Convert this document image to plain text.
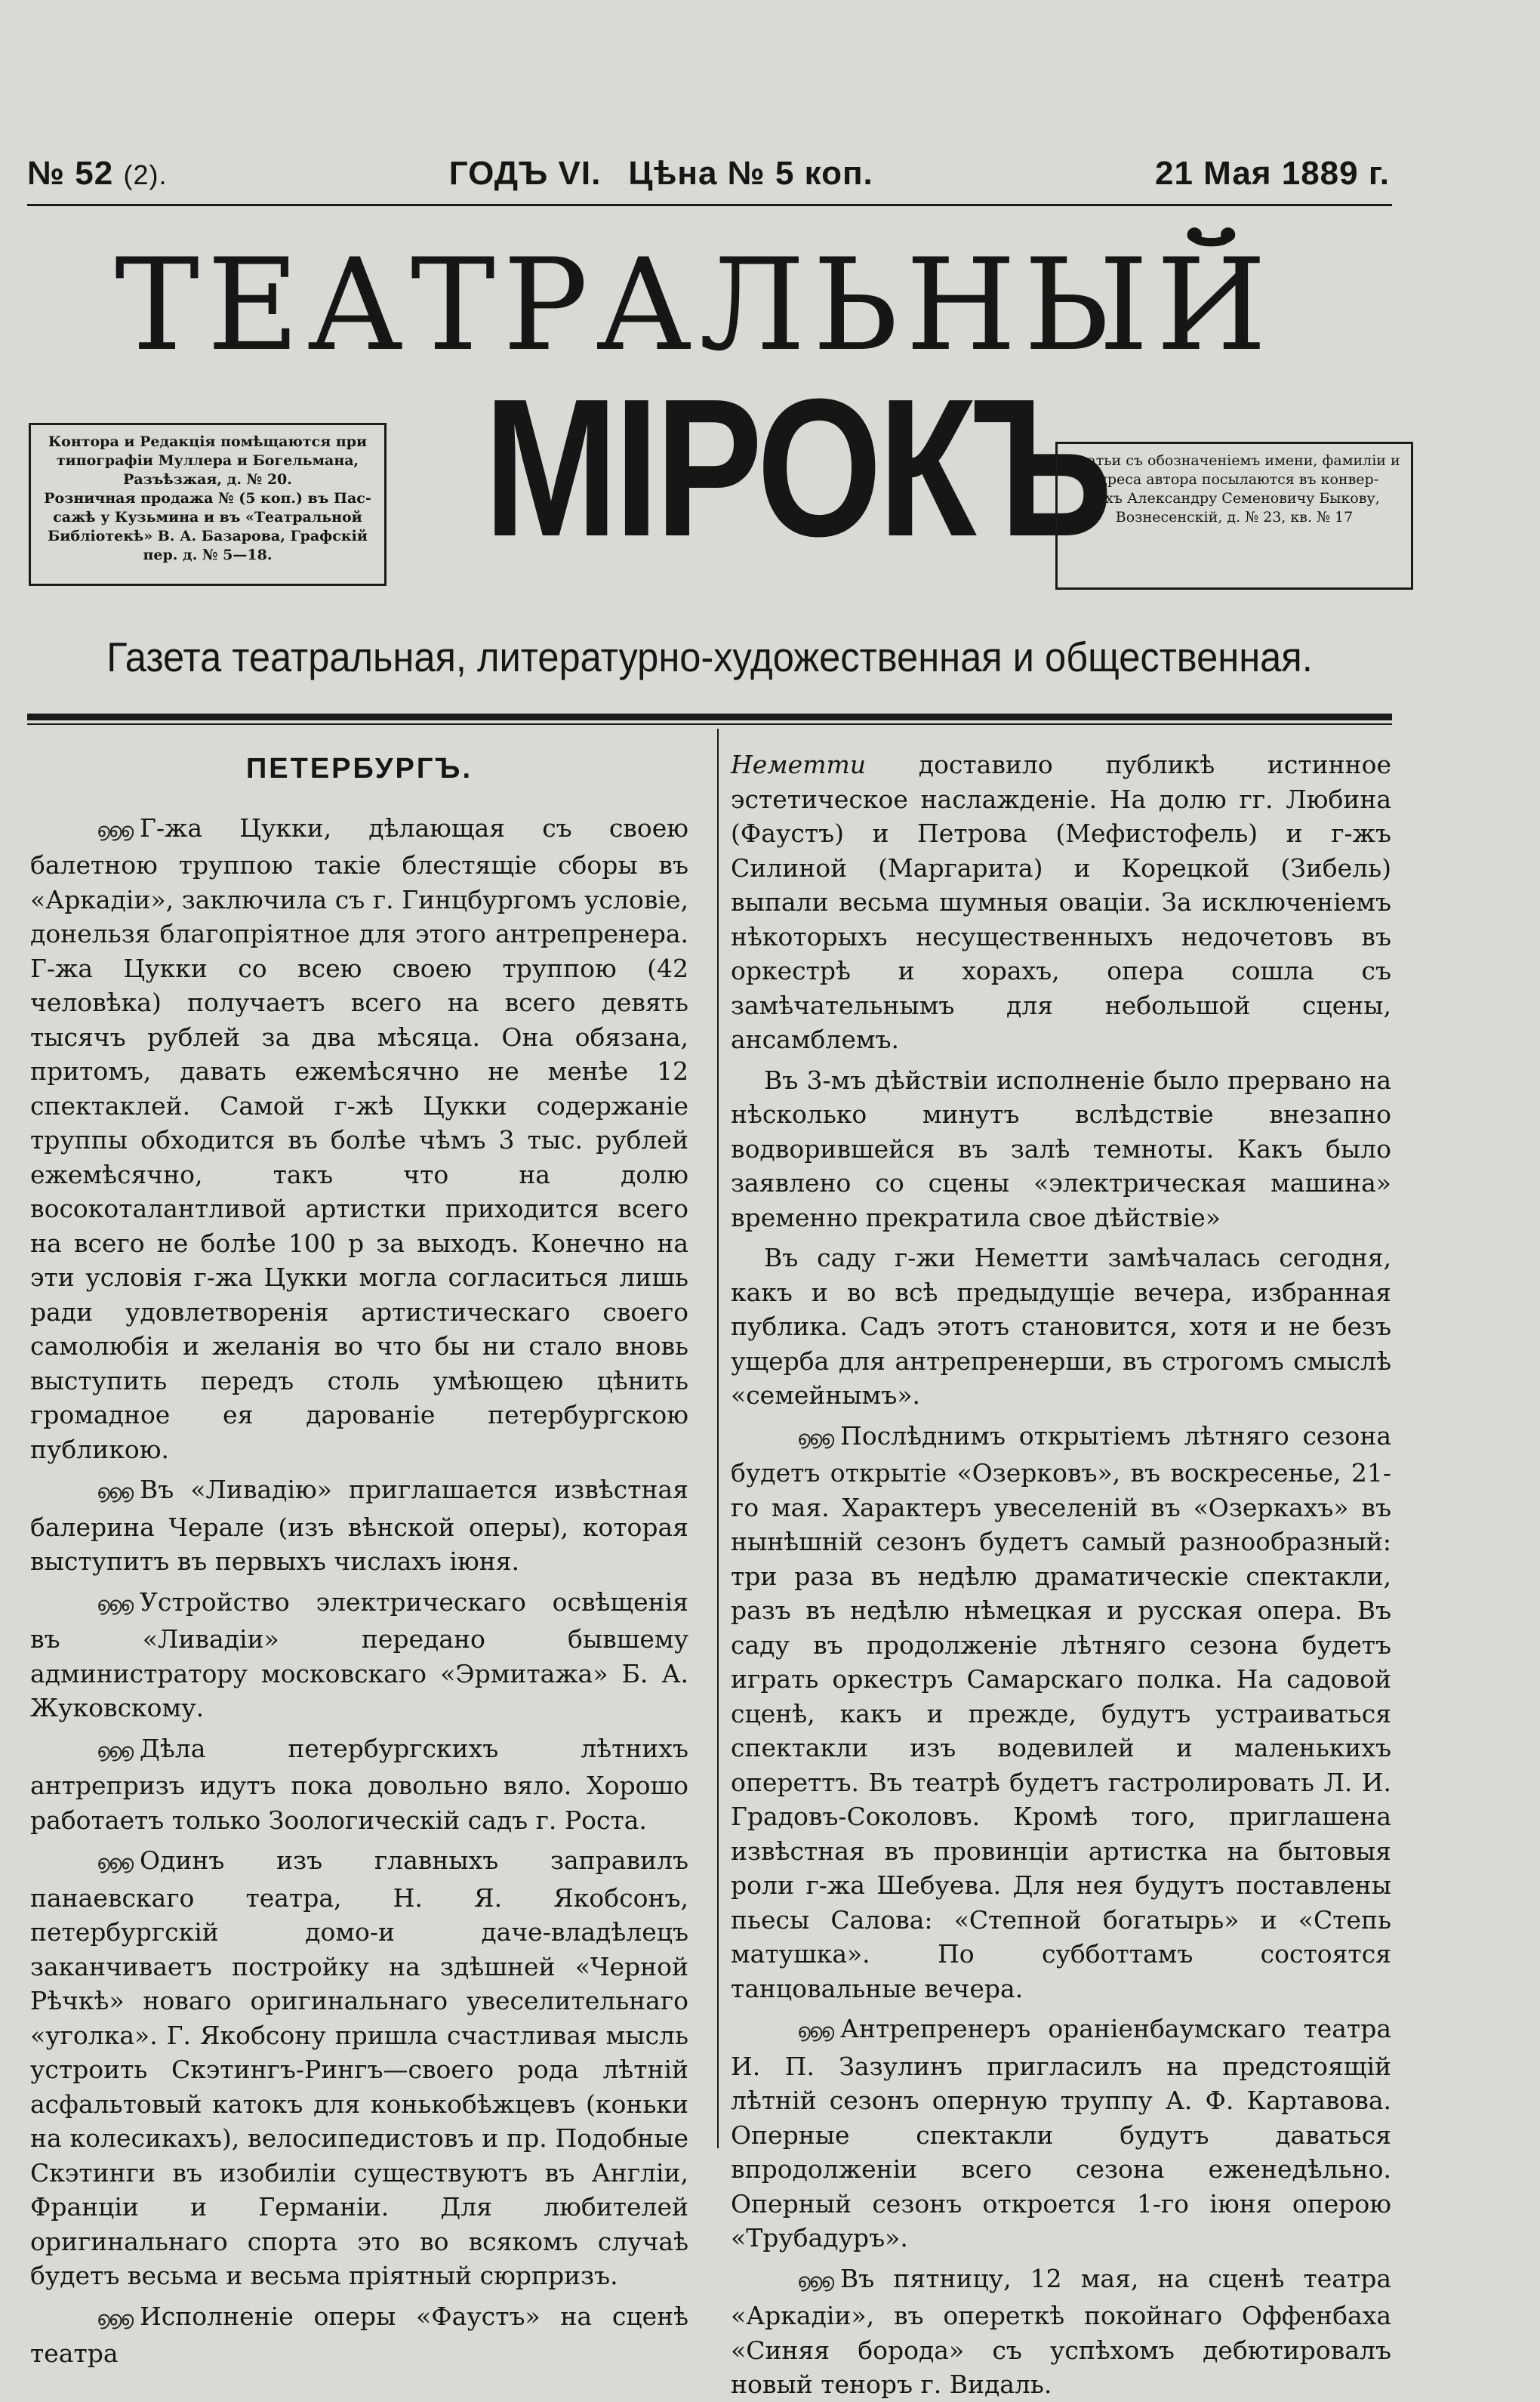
№ 52 (2).	ГОДЪ VI. Цѣна № 5 коп.	21 Мая 1889 г.
ТЕАТРАЛЬНЫЙ
МІРОКЪ
Контора и Редакція помѣщаются при
типографіи Муллера и Богельмана,
Разъѣзжая, д. № 20.
Розничная продажа № (5 коп.) въ Пас-
сажѣ у Кузьмина и въ «Театральной
Библіотекѣ» В. А. Базарова, Графскій
пер. д. № 5—18.
Статьи съ обозначеніемъ имени, фамиліи и
адреса автора посылаются въ конвер-
тахъ Александру Семеновичу Быкову,
Вознесенскій, д. № 23, кв. № 17
Газета театральная, литературно-художественная и общественная.
ПЕТЕРБУРГЪ.

൭൭൭ Г-жа Цукки, дѣлающая съ своею балетною труппою такіе блестящіе сборы въ «Аркадіи», заключила съ г. Гинцбургомъ условіе, донельзя благопріятное для этого антрепренера. Г-жа Цукки со всею своею труппою (42 человѣка) получаетъ всего на всего девять тысячъ рублей за два мѣсяца. Она обязана, притомъ, давать ежемѣсячно не менѣе 12 спектаклей. Самой г-жѣ Цукки содержаніе труппы обходится въ болѣе чѣмъ 3 тыс. рублей ежемѣсячно, такъ что на долю восокоталантливой артистки приходится всего на всего не болѣе 100 р за выходъ. Конечно на эти условія г-жа Цукки могла согласиться лишь ради удовлетворенія артистическаго своего самолюбія и желанія во что бы ни стало вновь выступить передъ столь умѣющею цѣнить громадное ея дарованіе петербургскою публикою.

൭൭൭ Въ «Ливадію» приглашается извѣстная балерина Черале (изъ вѣнской оперы), которая выступитъ въ первыхъ числахъ іюня.

൭൭൭ Устройство электрическаго освѣщенія въ «Ливадіи» передано бывшему администратору московскаго «Эрмитажа» Б. А. Жуковскому.

൭൭൭ Дѣла петербургскихъ лѣтнихъ антрепризъ идутъ пока довольно вяло. Хорошо работаетъ только Зоологическій садъ г. Роста.

൭൭൭ Одинъ изъ главныхъ заправилъ панаевскаго театра, Н. Я. Якобсонъ, петербургскій домо-и даче-владѣлецъ заканчиваетъ постройку на здѣшней «Черной Рѣчкѣ» новаго оригинальнаго увеселительнаго «уголка». Г. Якобсону пришла счастливая мысль устроить Скэтингъ-Рингъ—своего рода лѣтній асфальтовый катокъ для конькобѣжцевъ (коньки на колесикахъ), велосипедистовъ и пр. Подобные Скэтинги въ изобиліи существуютъ въ Англіи, Франціи и Германіи. Для любителей оригинальнаго спорта это во всякомъ случаѣ будетъ весьма и весьма пріятный сюрпризъ.

൭൭൭ Исполненіе оперы «Фаустъ» на сценѣ театра

Неметти доставило публикѣ истинное эстетическое наслажденіе. На долю гг. Любина (Фаустъ) и Петрова (Мефистофель) и г-жъ Силиной (Маргарита) и Корецкой (Зибель) выпали весьма шумныя оваціи. За исключеніемъ нѣкоторыхъ несущественныхъ недочетовъ въ оркестрѣ и хорахъ, опера сошла съ замѣчательнымъ для небольшой сцены, ансамблемъ.

Въ 3-мъ дѣйствіи исполненіе было прервано на нѣсколько минутъ вслѣдствіе внезапно водворившейся въ залѣ темноты. Какъ было заявлено со сцены «электрическая машина» временно прекратила свое дѣйствіе»

Въ саду г-жи Неметти замѣчалась сегодня, какъ и во всѣ предыдущіе вечера, избранная публика. Садъ этотъ становится, хотя и не безъ ущерба для антрепренерши, въ строгомъ смыслѣ «семейнымъ».

൭൭൭ Послѣднимъ открытіемъ лѣтняго сезона будетъ открытіе «Озерковъ», въ воскресенье, 21-го мая. Характеръ увеселеній въ «Озеркахъ» въ нынѣшній сезонъ будетъ самый разнообразный: три раза въ недѣлю драматическіе спектакли, разъ въ недѣлю нѣмецкая и русская опера. Въ саду въ продолженіе лѣтняго сезона будетъ играть оркестръ Самарскаго полка. На садовой сценѣ, какъ и прежде, будутъ устраиваться спектакли изъ водевилей и маленькихъ опереттъ. Въ театрѣ будетъ гастролировать Л. И. Градовъ-Соколовъ. Кромѣ того, приглашена извѣстная въ провинціи артистка на бытовыя роли г-жа Шебуева. Для нея будутъ поставлены пьесы Салова: «Степной богатырь» и «Степь матушка». По субботтамъ состоятся танцовальные вечера.

൭൭൭ Антрепренеръ ораніенбаумскаго театра И. П. Зазулинъ пригласилъ на предстоящій лѣтній сезонъ оперную труппу А. Ф. Картавова. Оперные спектакли будутъ даваться впродолженіи всего сезона еженедѣльно. Оперный сезонъ откроется 1-го іюня оперою «Трубадуръ».

൭൭൭ Въ пятницу, 12 мая, на сценѣ театра «Аркадіи», въ опереткѣ покойнаго Оффенбаха «Синяя борода» съ успѣхомъ дебютировалъ новый теноръ г. Видаль.
